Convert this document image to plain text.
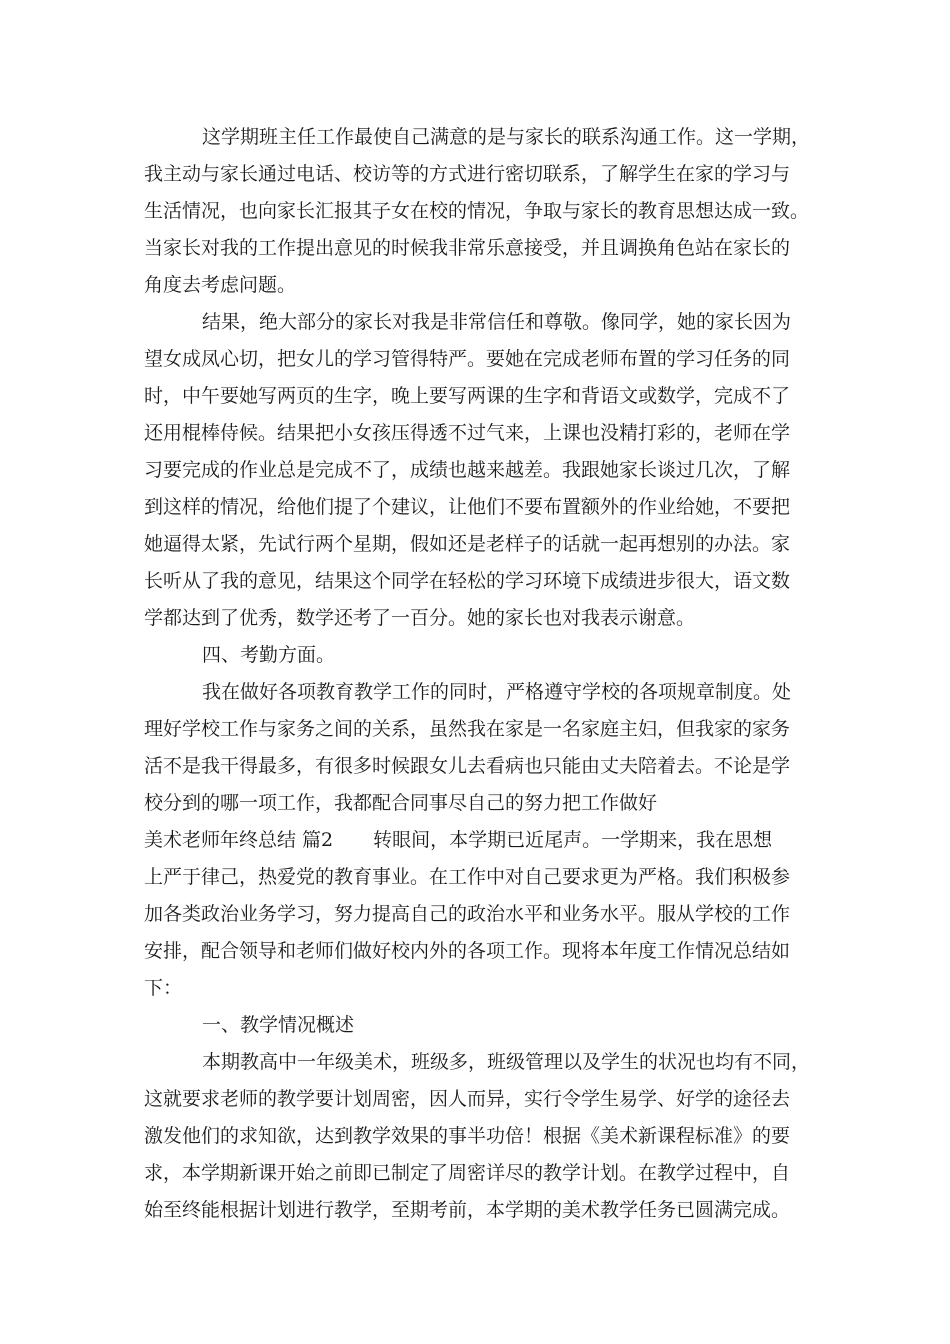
这学期班主任工作最使自己满意的是与家长的联系沟通工作。这一学期，

我主动与家长通过电话、校访等的方式进行密切联系，了解学生在家的学习与

生活情况，也向家长汇报其子女在校的情况，争取与家长的教育思想达成一致。

当家长对我的工作提出意见的时候我非常乐意接受，并且调换角色站在家长的

角度去考虑问题。

结果，绝大部分的家长对我是非常信任和尊敬。像同学，她的家长因为

望女成凤心切，把女儿的学习管得特严。要她在完成老师布置的学习任务的同

时，中午要她写两页的生字，晚上要写两课的生字和背语文或数学，完成不了

还用棍棒侍候。结果把小女孩压得透不过气来，上课也没精打彩的，老师在学

习要完成的作业总是完成不了，成绩也越来越差。我跟她家长谈过几次，了解

到这样的情况，给他们提了个建议，让他们不要布置额外的作业给她，不要把

她逼得太紧，先试行两个星期，假如还是老样子的话就一起再想别的办法。家

长听从了我的意见，结果这个同学在轻松的学习环境下成绩进步很大，语文数

学都达到了优秀，数学还考了一百分。她的家长也对我表示谢意。

四、考勤方面。

我在做好各项教育教学工作的同时，严格遵守学校的各项规章制度。处

理好学校工作与家务之间的关系，虽然我在家是一名家庭主妇，但我家的家务

活不是我干得最多，有很多时候跟女儿去看病也只能由丈夫陪着去。不论是学

校分到的哪一项工作，我都配合同事尽自己的努力把工作做好

美术老师年终总结 篇2 转眼间，本学期已近尾声。一学期来，我在思想

上严于律己，热爱党的教育事业。在工作中对自己要求更为严格。我们积极参

加各类政治业务学习，努力提高自己的政治水平和业务水平。服从学校的工作

安排，配合领导和老师们做好校内外的各项工作。现将本年度工作情况总结如

下：

一、教学情况概述

本期教高中一年级美术，班级多，班级管理以及学生的状况也均有不同，

这就要求老师的教学要计划周密，因人而异，实行令学生易学、好学的途径去

激发他们的求知欲，达到教学效果的事半功倍！根据《美术新课程标准》的要

求，本学期新课开始之前即已制定了周密详尽的教学计划。在教学过程中，自

始至终能根据计划进行教学，至期考前，本学期的美术教学任务已圆满完成。
